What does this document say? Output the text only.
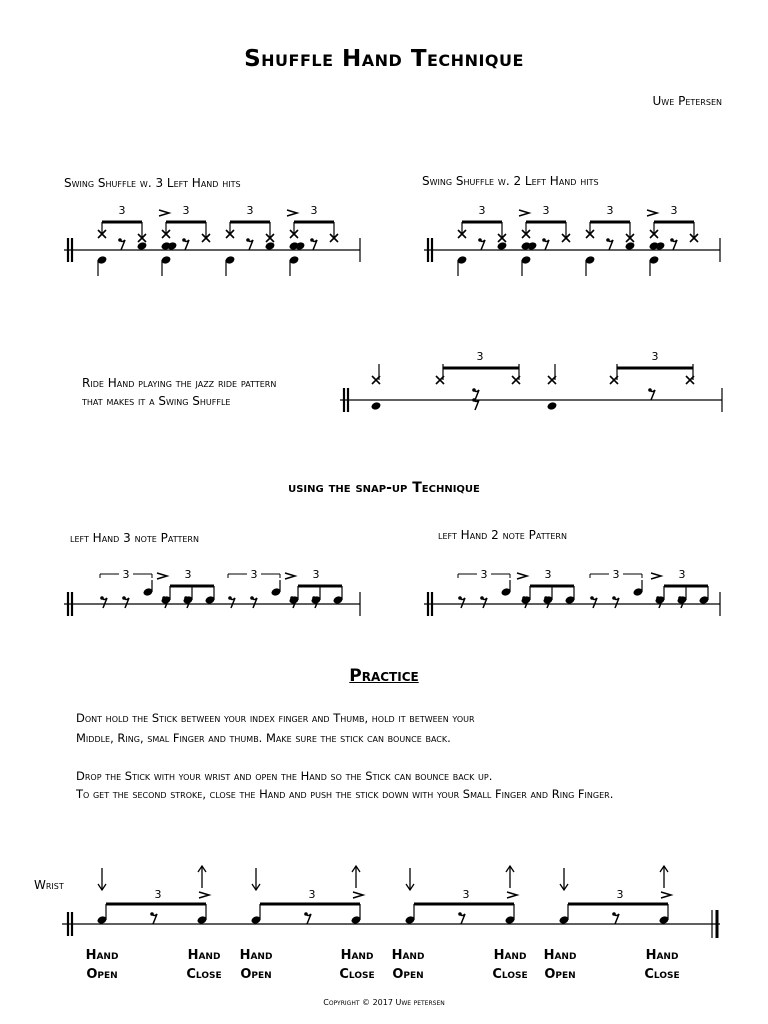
Shuffle Hand Technique
Uwe Petersen
Swing Shuffle w. 3 Left Hand hits	Swing Shuffle w. 2 Left Hand hits
Ride Hand playing the jazz ride pattern
that makes it a Swing Shuffle
using the snap-up Technique
left Hand 3 note Pattern	left Hand 2 note Pattern
Practice
Dont hold the Stick between your index finger and Thumb, hold it between your
Middle, Ring, smal Finger and thumb. Make sure the stick can bounce back.
Drop the Stick with your wrist and open the Hand so the Stick can bounce back up.
To get the second stroke, close the Hand and push the stick down with your Small Finger and Ring Finger.
Wrist
Hand
Open
Hand
Close
Hand
Open
Hand
Close
Hand
Open
Hand
Close
Hand
Open
Hand
Close
Copyright © 2017 Uwe petersen
3	3	3	3	3	3	3	3
3	3
3	3	3	3	3	3	3	3
3	3	3	3
